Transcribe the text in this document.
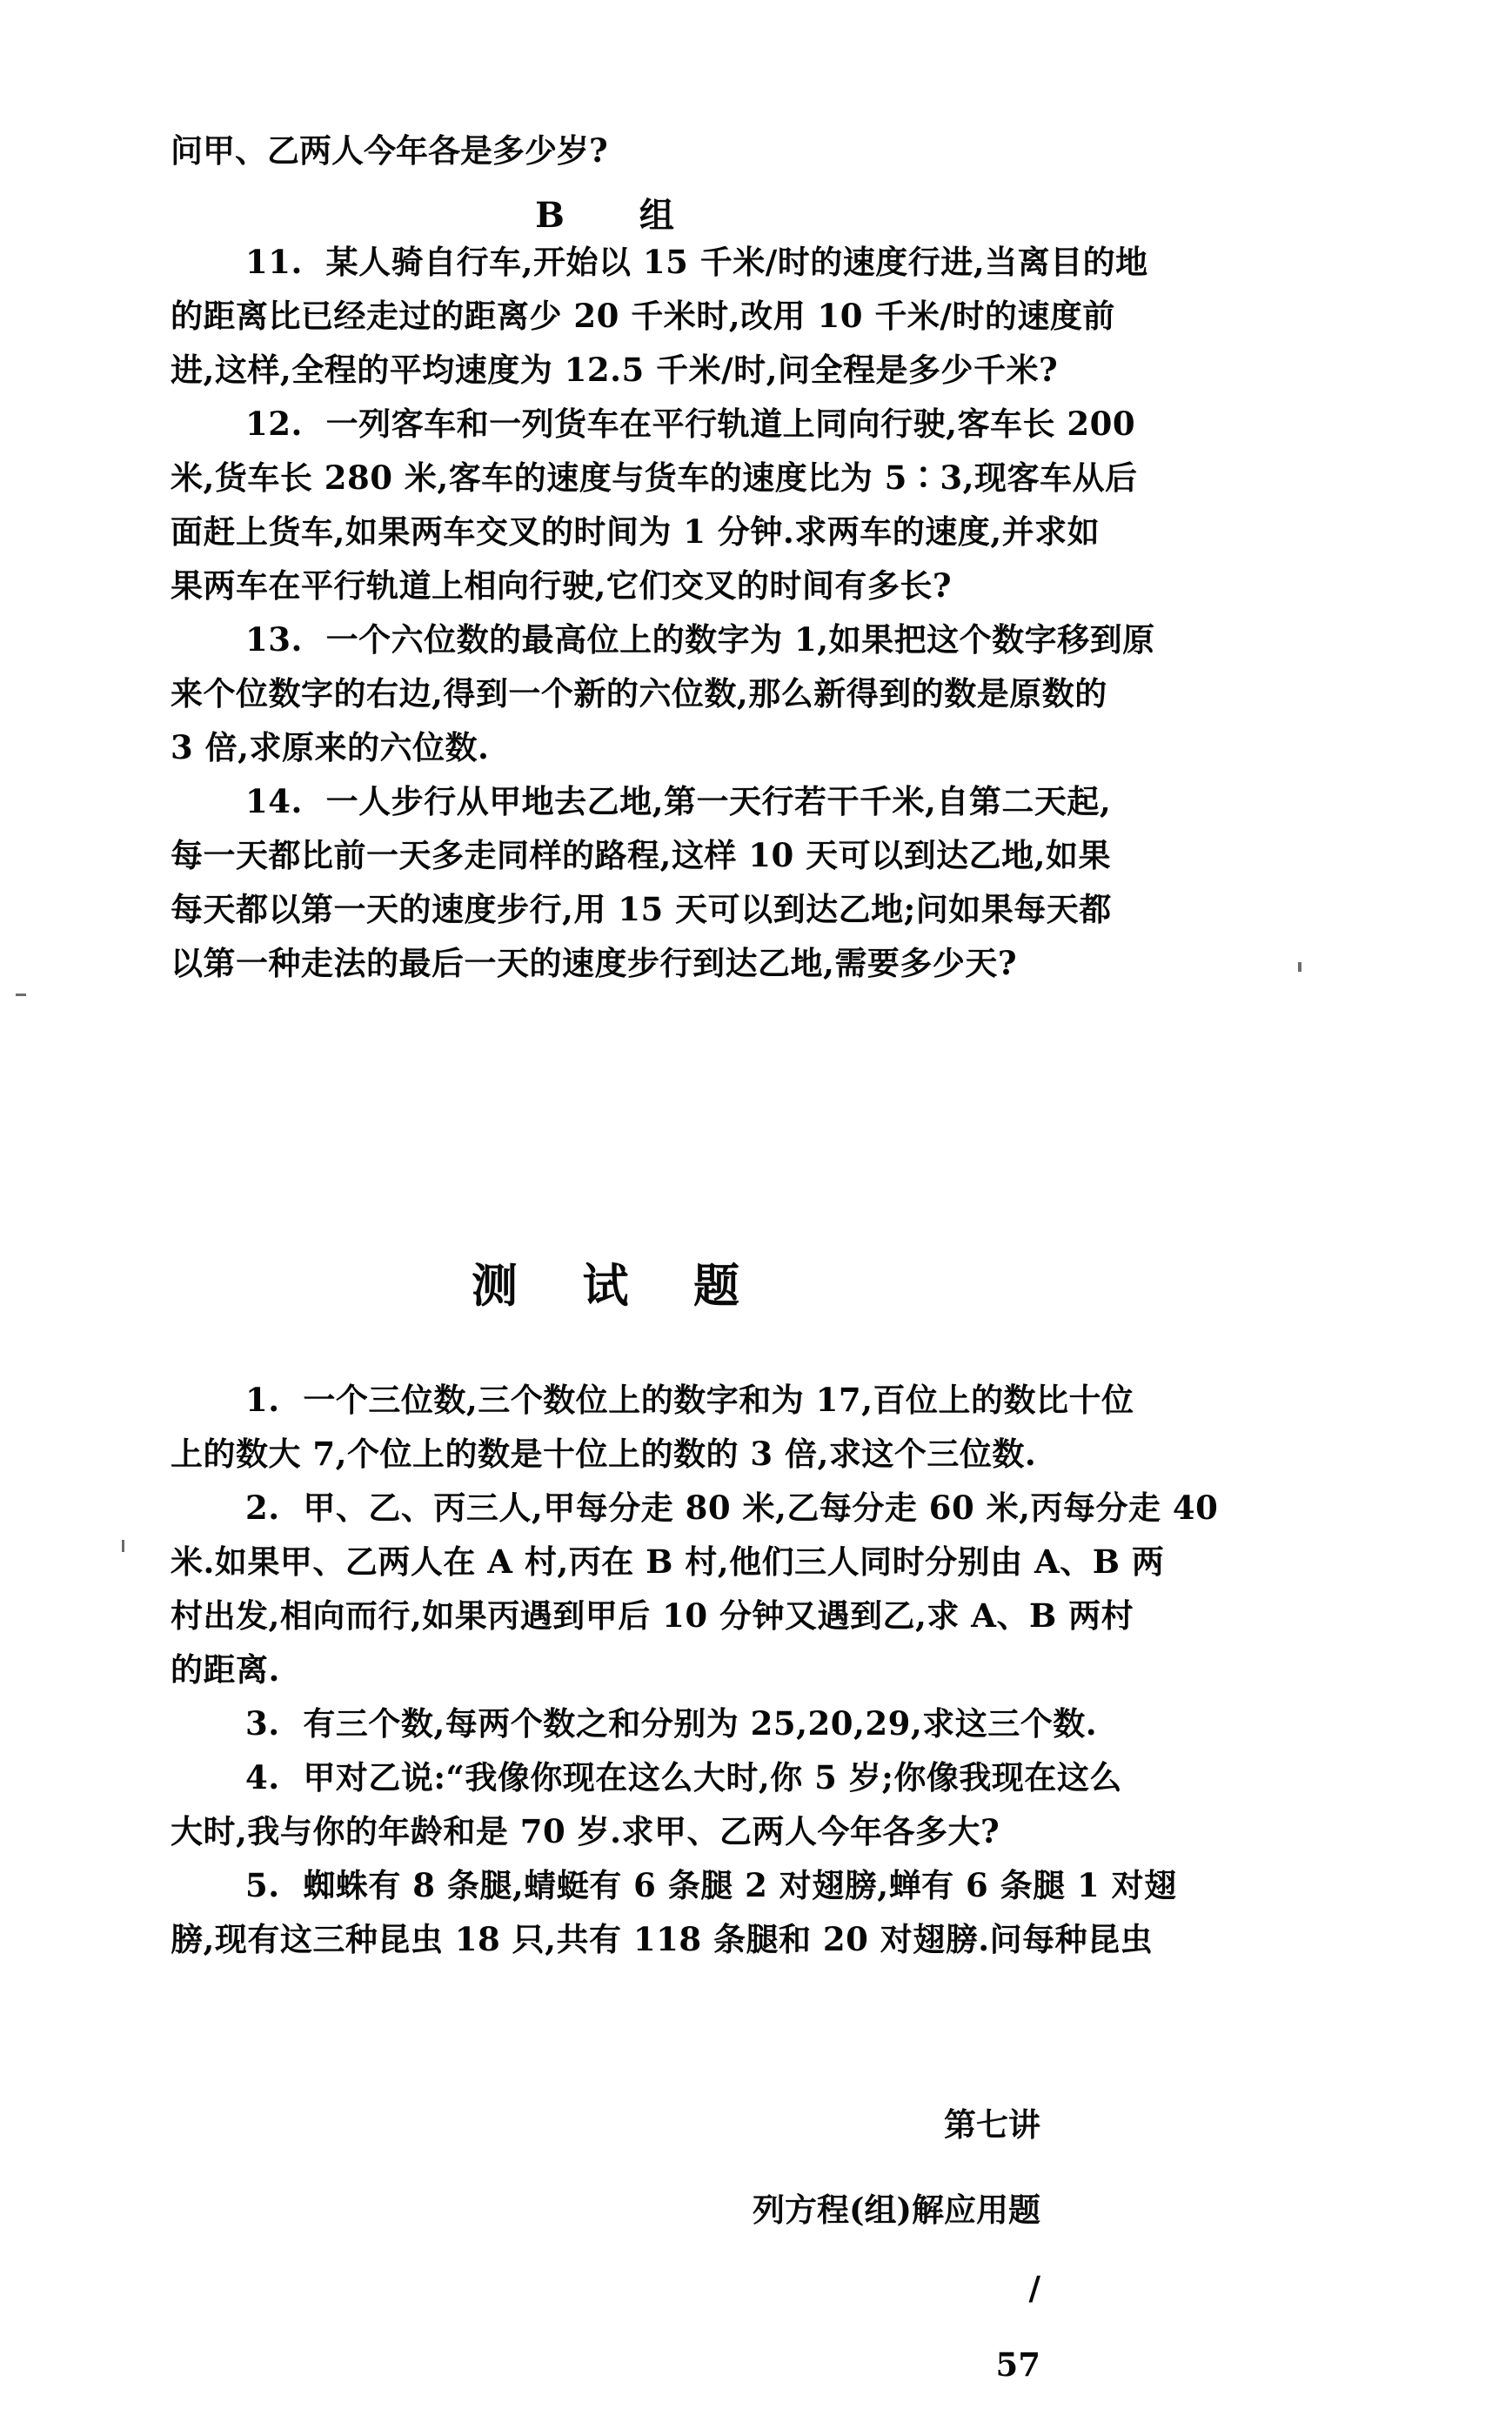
问甲、乙两人今年各是多少岁?
B 组
11.  某人骑自行车,开始以 15 千米/时的速度行进,当离目的地
的距离比已经走过的距离少 20 千米时,改用 10 千米/时的速度前
进,这样,全程的平均速度为 12.5 千米/时,问全程是多少千米?
12.  一列客车和一列货车在平行轨道上同向行驶,客车长 200
米,货车长 280 米,客车的速度与货车的速度比为 5∶3,现客车从后
面赶上货车,如果两车交叉的时间为 1 分钟.求两车的速度,并求如
果两车在平行轨道上相向行驶,它们交叉的时间有多长?
13.  一个六位数的最高位上的数字为 1,如果把这个数字移到原
来个位数字的右边,得到一个新的六位数,那么新得到的数是原数的
3 倍,求原来的六位数.
14.  一人步行从甲地去乙地,第一天行若干千米,自第二天起,
每一天都比前一天多走同样的路程,这样 10 天可以到达乙地,如果
每天都以第一天的速度步行,用 15 天可以到达乙地;问如果每天都
以第一种走法的最后一天的速度步行到达乙地,需要多少天?
测 试 题
1.  一个三位数,三个数位上的数字和为 17,百位上的数比十位
上的数大 7,个位上的数是十位上的数的 3 倍,求这个三位数.
2.  甲、乙、丙三人,甲每分走 80 米,乙每分走 60 米,丙每分走 40
米.如果甲、乙两人在 A 村,丙在 B 村,他们三人同时分别由 A、B 两
村出发,相向而行,如果丙遇到甲后 10 分钟又遇到乙,求 A、B 两村
的距离.
3.  有三个数,每两个数之和分别为 25,20,29,求这三个数.
4.  甲对乙说:“我像你现在这么大时,你 5 岁;你像我现在这么
大时,我与你的年龄和是 70 岁.求甲、乙两人今年各多大?
5.  蜘蛛有 8 条腿,蜻蜓有 6 条腿 2 对翅膀,蝉有 6 条腿 1 对翅
膀,现有这三种昆虫 18 只,共有 118 条腿和 20 对翅膀.问每种昆虫

第七讲

列方程(组)解应用题

/

57
